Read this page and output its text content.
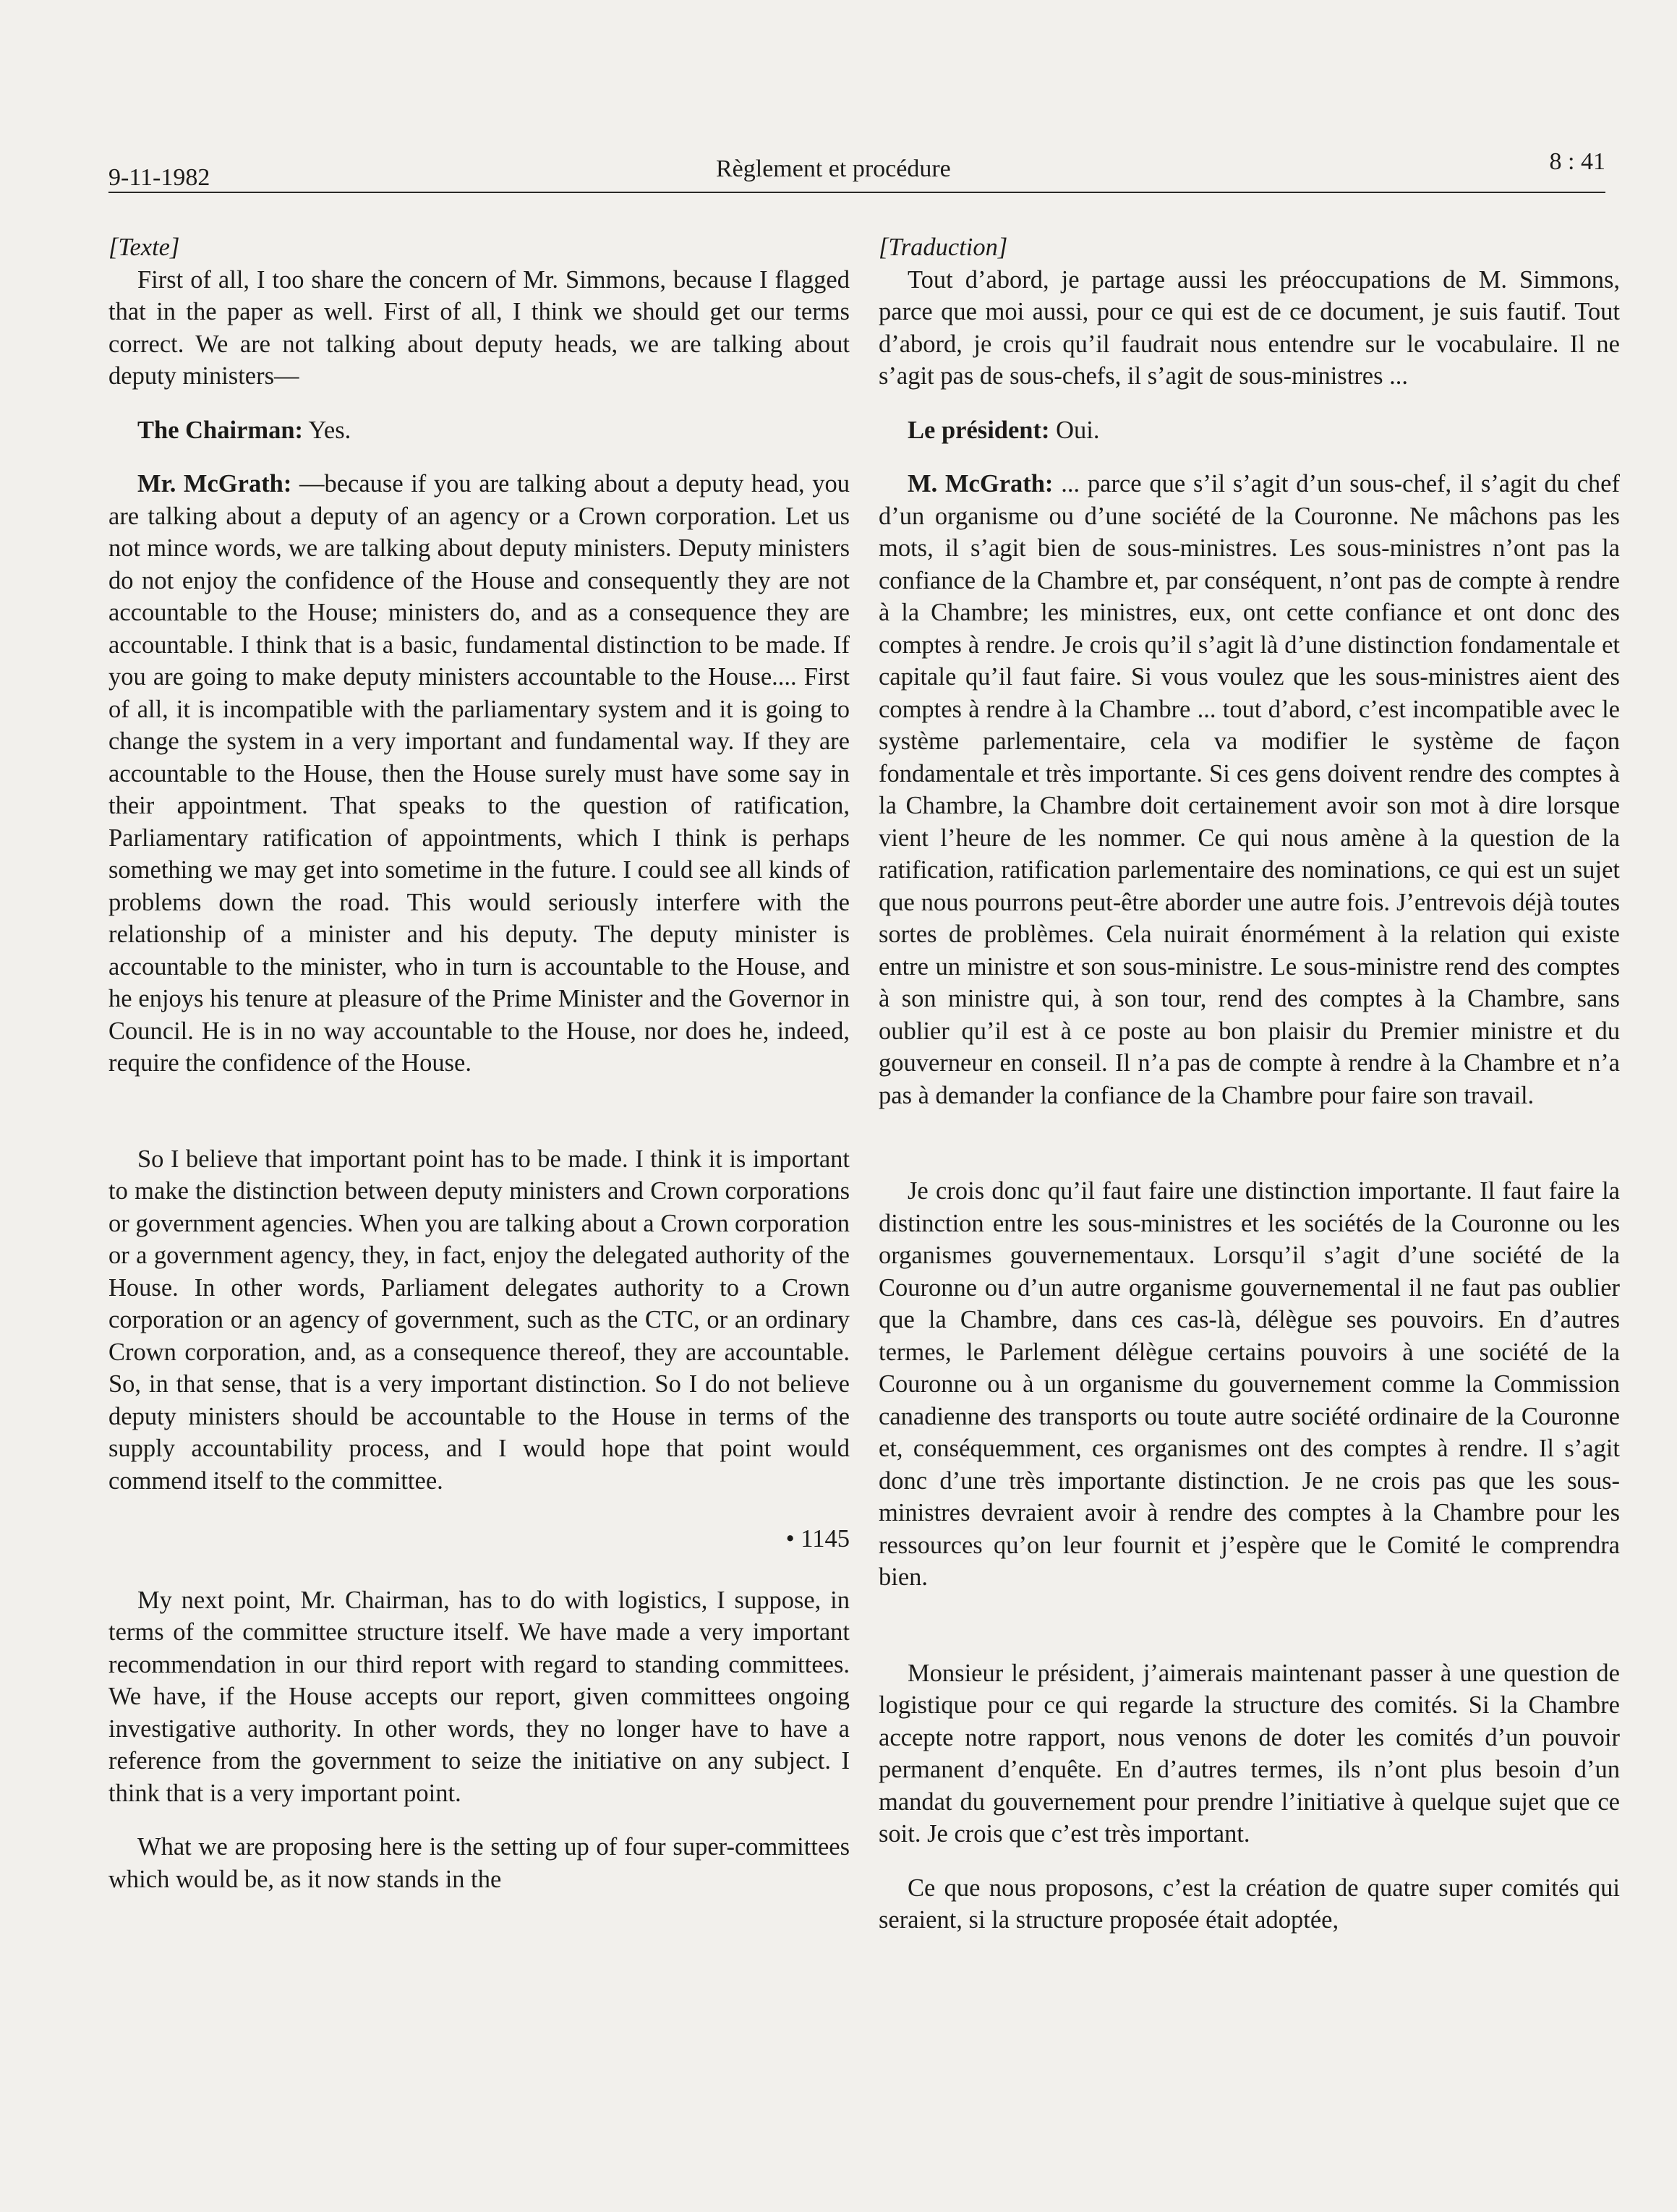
9-11-1982	Règlement et procédure	8 : 41

[Texte]

First of all, I too share the concern of Mr. Simmons, because I flagged that in the paper as well. First of all, I think we should get our terms correct. We are not talking about deputy heads, we are talking about deputy ministers—

The Chairman: Yes.

Mr. McGrath: —because if you are talking about a deputy head, you are talking about a deputy of an agency or a Crown corporation. Let us not mince words, we are talking about deputy ministers. Deputy ministers do not enjoy the confidence of the House and consequently they are not accountable to the House; ministers do, and as a consequence they are accountable. I think that is a basic, fundamental distinction to be made. If you are going to make deputy ministers accountable to the House.... First of all, it is incompatible with the parliamentary system and it is going to change the system in a very important and fundamental way. If they are accountable to the House, then the House surely must have some say in their appointment. That speaks to the question of ratification, Parliamentary ratification of appointments, which I think is perhaps something we may get into sometime in the future. I could see all kinds of problems down the road. This would seriously interfere with the relationship of a minister and his deputy. The deputy minister is accountable to the minister, who in turn is accountable to the House, and he enjoys his tenure at pleasure of the Prime Minister and the Governor in Council. He is in no way accountable to the House, nor does he, indeed, require the confidence of the House.

So I believe that important point has to be made. I think it is important to make the distinction between deputy ministers and Crown corporations or government agencies. When you are talking about a Crown corporation or a government agency, they, in fact, enjoy the delegated authority of the House. In other words, Parliament delegates authority to a Crown corporation or an agency of government, such as the CTC, or an ordinary Crown corporation, and, as a consequence thereof, they are accountable. So, in that sense, that is a very important distinction. So I do not believe deputy ministers should be accountable to the House in terms of the supply accountability process, and I would hope that point would commend itself to the committee.

• 1145

My next point, Mr. Chairman, has to do with logistics, I suppose, in terms of the committee structure itself. We have made a very important recommendation in our third report with regard to standing committees. We have, if the House accepts our report, given committees ongoing investigative authority. In other words, they no longer have to have a reference from the government to seize the initiative on any subject. I think that is a very important point.

What we are proposing here is the setting up of four super-committees which would be, as it now stands in the

[Traduction]

Tout d’abord, je partage aussi les préoccupations de M. Simmons, parce que moi aussi, pour ce qui est de ce document, je suis fautif. Tout d’abord, je crois qu’il faudrait nous entendre sur le vocabulaire. Il ne s’agit pas de sous-chefs, il s’agit de sous-ministres ...

Le président: Oui.

M. McGrath: ... parce que s’il s’agit d’un sous-chef, il s’agit du chef d’un organisme ou d’une société de la Couronne. Ne mâchons pas les mots, il s’agit bien de sous-ministres. Les sous-ministres n’ont pas la confiance de la Chambre et, par conséquent, n’ont pas de compte à rendre à la Chambre; les ministres, eux, ont cette confiance et ont donc des comptes à rendre. Je crois qu’il s’agit là d’une distinction fondamentale et capitale qu’il faut faire. Si vous voulez que les sous-ministres aient des comptes à rendre à la Chambre ... tout d’abord, c’est incompatible avec le système parlementaire, cela va modifier le système de façon fondamentale et très importante. Si ces gens doivent rendre des comptes à la Chambre, la Chambre doit certainement avoir son mot à dire lorsque vient l’heure de les nommer. Ce qui nous amène à la question de la ratification, ratification parlementaire des nominations, ce qui est un sujet que nous pourrons peut-être aborder une autre fois. J’entrevois déjà toutes sortes de problèmes. Cela nuirait énormément à la relation qui existe entre un ministre et son sous-ministre. Le sous-ministre rend des comptes à son ministre qui, à son tour, rend des comptes à la Chambre, sans oublier qu’il est à ce poste au bon plaisir du Premier ministre et du gouverneur en conseil. Il n’a pas de compte à rendre à la Chambre et n’a pas à demander la confiance de la Chambre pour faire son travail.

Je crois donc qu’il faut faire une distinction importante. Il faut faire la distinction entre les sous-ministres et les sociétés de la Couronne ou les organismes gouvernementaux. Lorsqu’il s’agit d’une société de la Couronne ou d’un autre organisme gouvernemental il ne faut pas oublier que la Chambre, dans ces cas-là, délègue ses pouvoirs. En d’autres termes, le Parlement délègue certains pouvoirs à une société de la Couronne ou à un organisme du gouvernement comme la Commission canadienne des transports ou toute autre société ordinaire de la Couronne et, conséquemment, ces organismes ont des comptes à rendre. Il s’agit donc d’une très importante distinction. Je ne crois pas que les sous-ministres devraient avoir à rendre des comptes à la Chambre pour les ressources qu’on leur fournit et j’espère que le Comité le comprendra bien.

Monsieur le président, j’aimerais maintenant passer à une question de logistique pour ce qui regarde la structure des comités. Si la Chambre accepte notre rapport, nous venons de doter les comités d’un pouvoir permanent d’enquête. En d’autres termes, ils n’ont plus besoin d’un mandat du gouvernement pour prendre l’initiative à quelque sujet que ce soit. Je crois que c’est très important.

Ce que nous proposons, c’est la création de quatre super comités qui seraient, si la structure proposée était adoptée,
